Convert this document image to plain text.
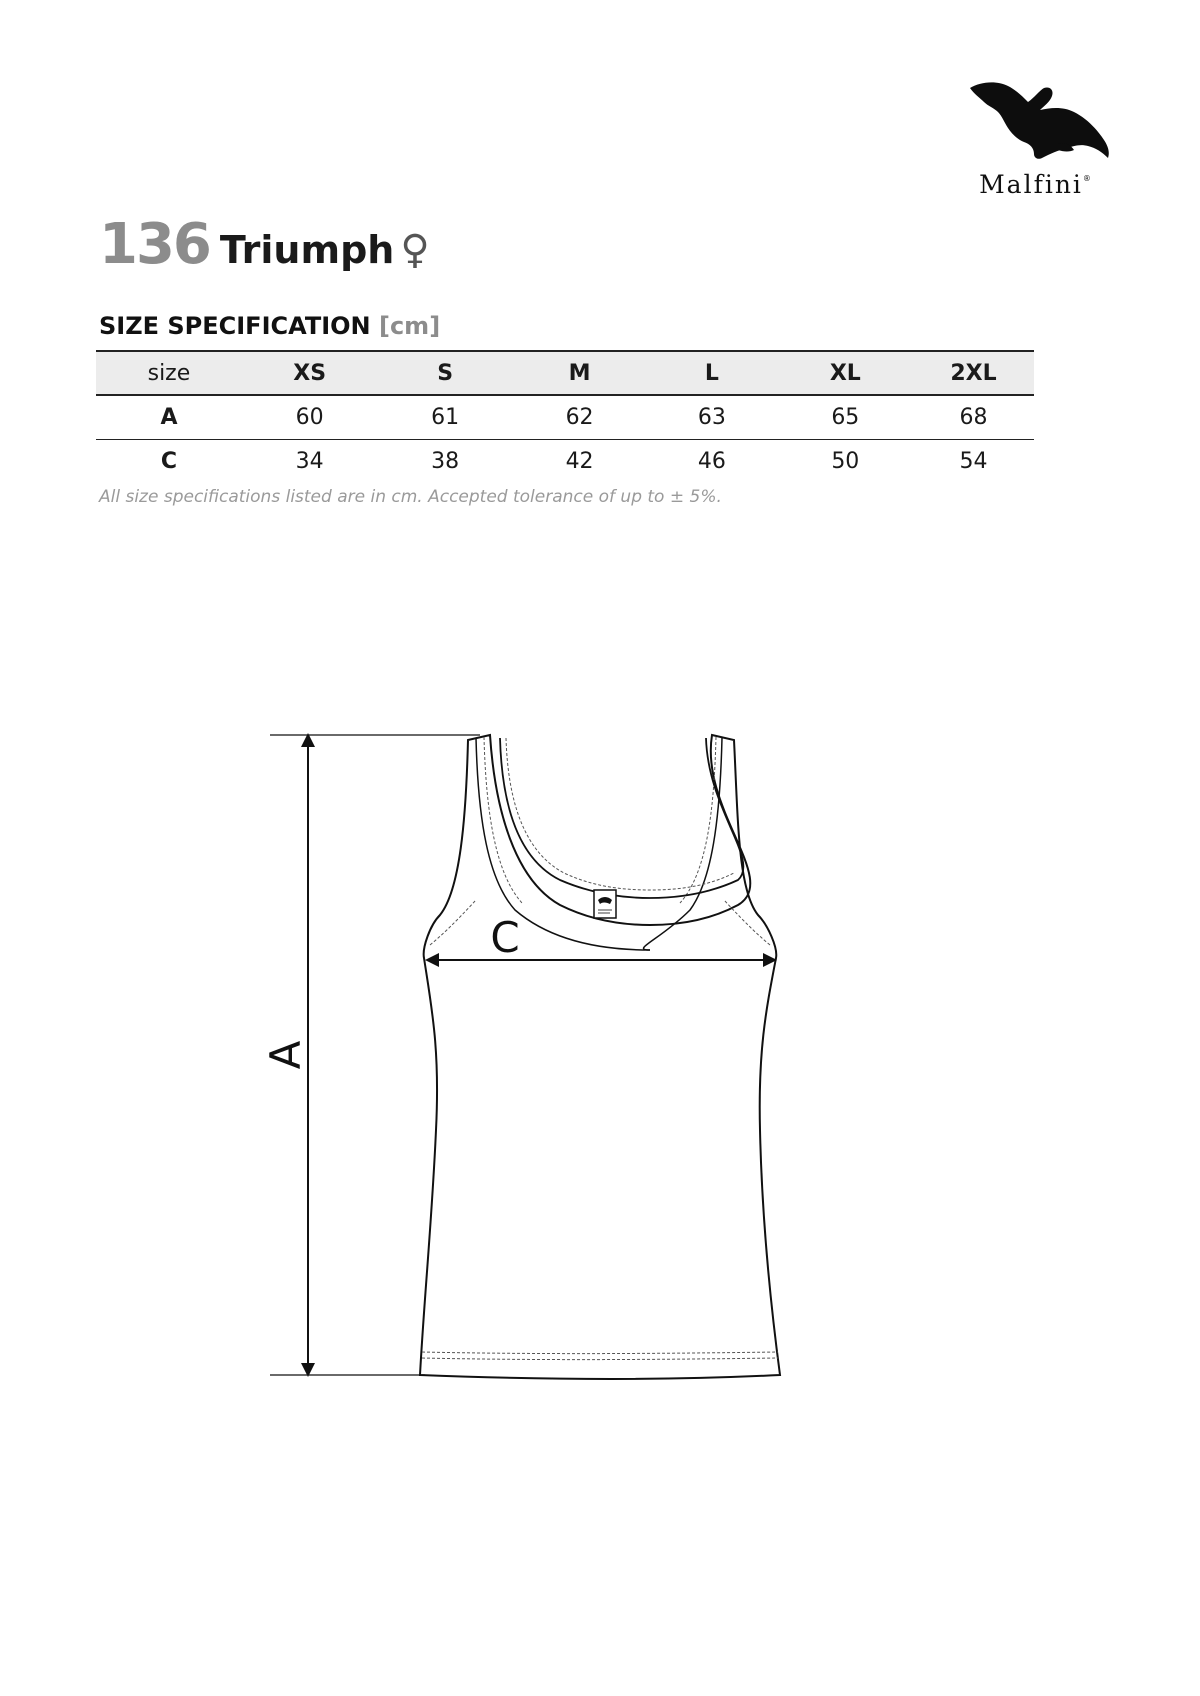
Malfini®
136 Triumph ♀
SIZE SPECIFICATION [cm]
size	XS	S	M	L	XL	2XL
A	60	61	62	63	65	68
C	34	38	42	46	50	54
All size specifications listed are in cm. Accepted tolerance of up to ± 5%.
A
C
